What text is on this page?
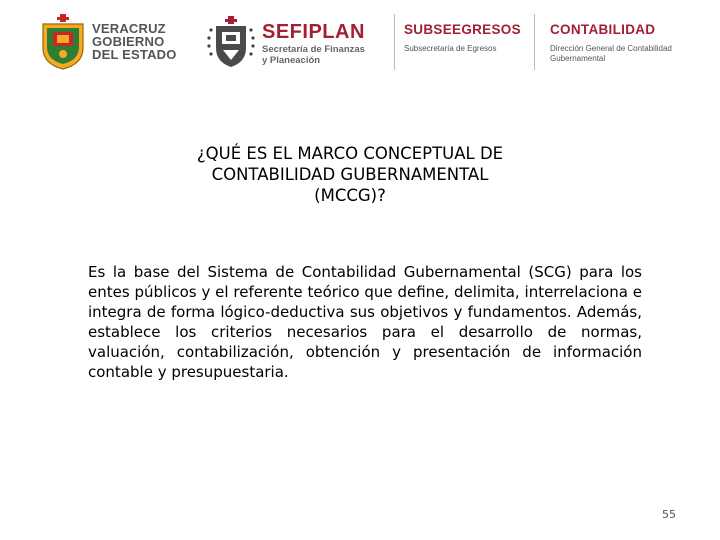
VERACRUZ
GOBIERNO
DEL ESTADO
SEFIPLAN
Secretaría de Finanzas
y Planeación
SUBSEEGRESOS
Subsecretaría de Egresos
CONTABILIDAD
Dirección General de Contabilidad
Gubernamental
¿QUÉ ES EL MARCO CONCEPTUAL DE
CONTABILIDAD GUBERNAMENTAL
(MCCG)?
Es la base del Sistema de Contabilidad Gubernamental (SCG) para los entes públicos y el referente teórico que define, delimita, interrelaciona e integra de forma lógico-deductiva sus objetivos y fundamentos. Además, establece los criterios necesarios para el desarrollo de normas, valuación, contabilización, obtención y presentación de información contable y presupuestaria.
55
